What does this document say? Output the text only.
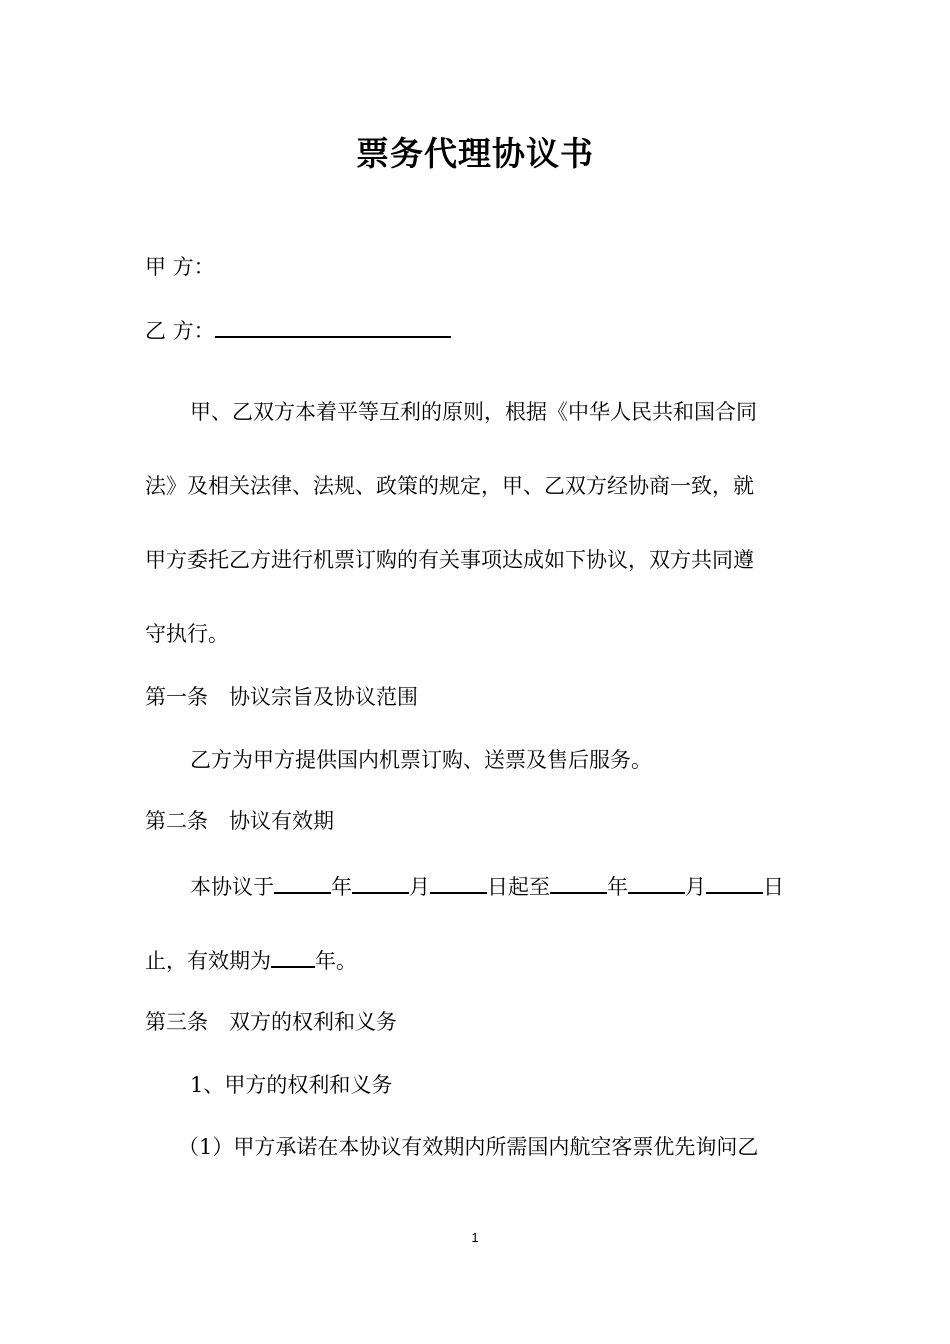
票务代理协议书
甲 方：
乙 方：
甲、乙双方本着平等互利的原则，根据《中华人民共和国合同
法》及相关法律、法规、政策的规定，甲、乙双方经协商一致，就
甲方委托乙方进行机票订购的有关事项达成如下协议，双方共同遵
守执行。
第一条　协议宗旨及协议范围
乙方为甲方提供国内机票订购、送票及售后服务。
第二条　协议有效期
本协议于	年	月	日起至	年	月	日
止，有效期为 年。
第三条　双方的权利和义务
1、甲方的权利和义务
（1）甲方承诺在本协议有效期内所需国内航空客票优先询问乙
1
